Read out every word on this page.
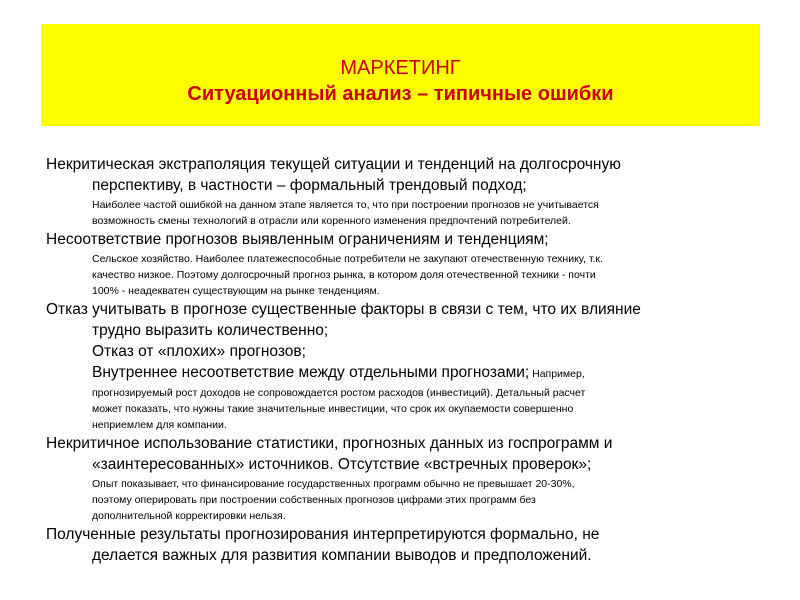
МАРКЕТИНГ
Ситуационный анализ – типичные ошибки

Некритическая экстраполяция текущей ситуации и тенденций на долгосрочную
перспективу, в частности – формальный трендовый подход;

Наиболее частой ошибкой на данном этапе является то, что при построении прогнозов не учитывается
возможность смены технологий в отрасли или коренного изменения предпочтений потребителей.

Несоответствие прогнозов выявленным ограничениям и тенденциям;

Сельское хозяйство. Наиболее платежеспособные потребители не закупают отечественную технику, т.к.
качество низкое. Поэтому долгосрочный прогноз рынка, в котором доля отечественной техники - почти
100% - неадекватен существующим на рынке тенденциям.

Отказ учитывать в прогнозе существенные факторы в связи с тем, что их влияние
трудно выразить количественно;
Отказ от «плохих» прогнозов;
Внутреннее несоответствие между отдельными прогнозами; Например,

прогнозируемый рост доходов не сопровождается ростом расходов (инвестиций). Детальный расчет
может показать, что нужны такие значительные инвестиции, что срок их окупаемости совершенно
неприемлем для компании.

Некритичное использование статистики, прогнозных данных из госпрограмм и
«заинтересованных» источников. Отсутствие «встречных проверок»;

Опыт показывает, что финансирование государственных программ обычно не превышает 20-30%,
поэтому оперировать при построении собственных прогнозов цифрами этих программ без
дополнительной корректировки нельзя.

Полученные результаты прогнозирования интерпретируются формально, не
делается важных для развития компании выводов и предположений.
